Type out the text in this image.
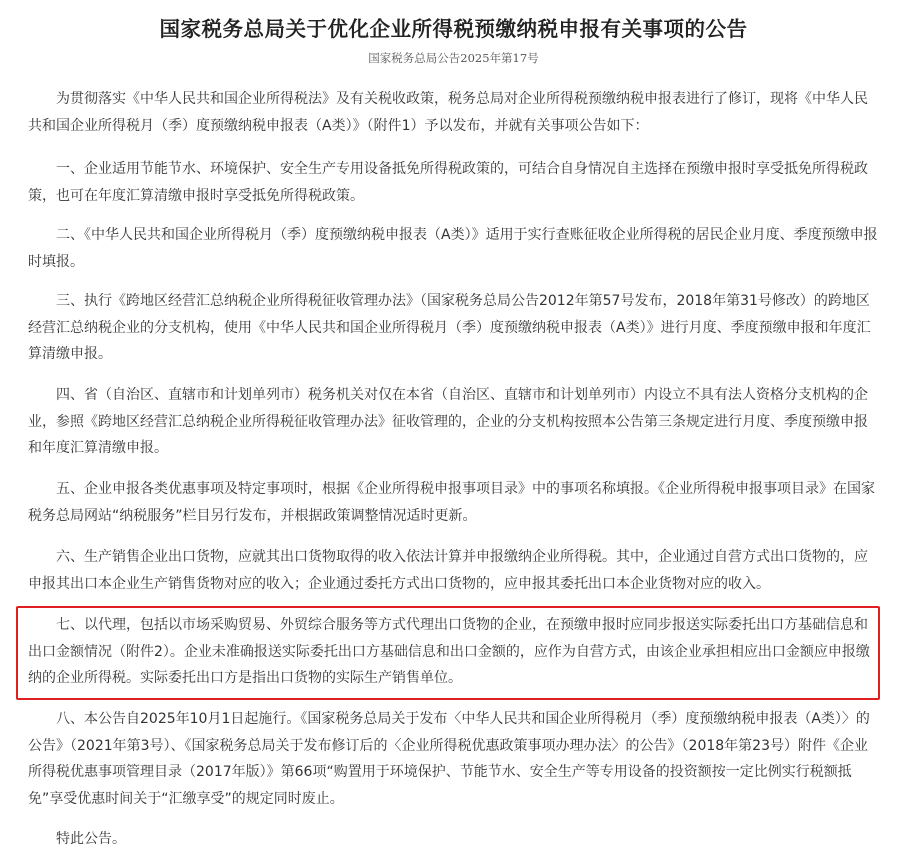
国家税务总局关于优化企业所得税预缴纳税申报有关事项的公告
国家税务总局公告2025年第17号

为贯彻落实《中华人民共和国企业所得税法》及有关税收政策，税务总局对企业所得税预缴纳税申报表进行了修订，现将《中华人民共和国企业所得税月（季）度预缴纳税申报表（A类）》（附件1）予以发布，并就有关事项公告如下：

一、企业适用节能节水、环境保护、安全生产专用设备抵免所得税政策的，可结合自身情况自主选择在预缴申报时享受抵免所得税政策，也可在年度汇算清缴申报时享受抵免所得税政策。

二、《中华人民共和国企业所得税月（季）度预缴纳税申报表（A类）》适用于实行查账征收企业所得税的居民企业月度、季度预缴申报时填报。

三、执行《跨地区经营汇总纳税企业所得税征收管理办法》（国家税务总局公告2012年第57号发布，2018年第31号修改）的跨地区经营汇总纳税企业的分支机构，使用《中华人民共和国企业所得税月（季）度预缴纳税申报表（A类）》进行月度、季度预缴申报和年度汇算清缴申报。

四、省（自治区、直辖市和计划单列市）税务机关对仅在本省（自治区、直辖市和计划单列市）内设立不具有法人资格分支机构的企业，参照《跨地区经营汇总纳税企业所得税征收管理办法》征收管理的，企业的分支机构按照本公告第三条规定进行月度、季度预缴申报和年度汇算清缴申报。

五、企业申报各类优惠事项及特定事项时，根据《企业所得税申报事项目录》中的事项名称填报。《企业所得税申报事项目录》在国家税务总局网站“纳税服务”栏目另行发布，并根据政策调整情况适时更新。

六、生产销售企业出口货物，应就其出口货物取得的收入依法计算并申报缴纳企业所得税。其中，企业通过自营方式出口货物的，应申报其出口本企业生产销售货物对应的收入；企业通过委托方式出口货物的，应申报其委托出口本企业货物对应的收入。

七、以代理，包括以市场采购贸易、外贸综合服务等方式代理出口货物的企业，在预缴申报时应同步报送实际委托出口方基础信息和出口金额情况（附件2）。企业未准确报送实际委托出口方基础信息和出口金额的，应作为自营方式，由该企业承担相应出口金额应申报缴纳的企业所得税。实际委托出口方是指出口货物的实际生产销售单位。

八、本公告自2025年10月1日起施行。《国家税务总局关于发布〈中华人民共和国企业所得税月（季）度预缴纳税申报表（A类）〉的公告》（2021年第3号）、《国家税务总局关于发布修订后的〈企业所得税优惠政策事项办理办法〉的公告》（2018年第23号）附件《企业所得税优惠事项管理目录（2017年版）》第66项“购置用于环境保护、节能节水、安全生产等专用设备的投资额按一定比例实行税额抵免”享受优惠时间关于“汇缴享受”的规定同时废止。

特此公告。
